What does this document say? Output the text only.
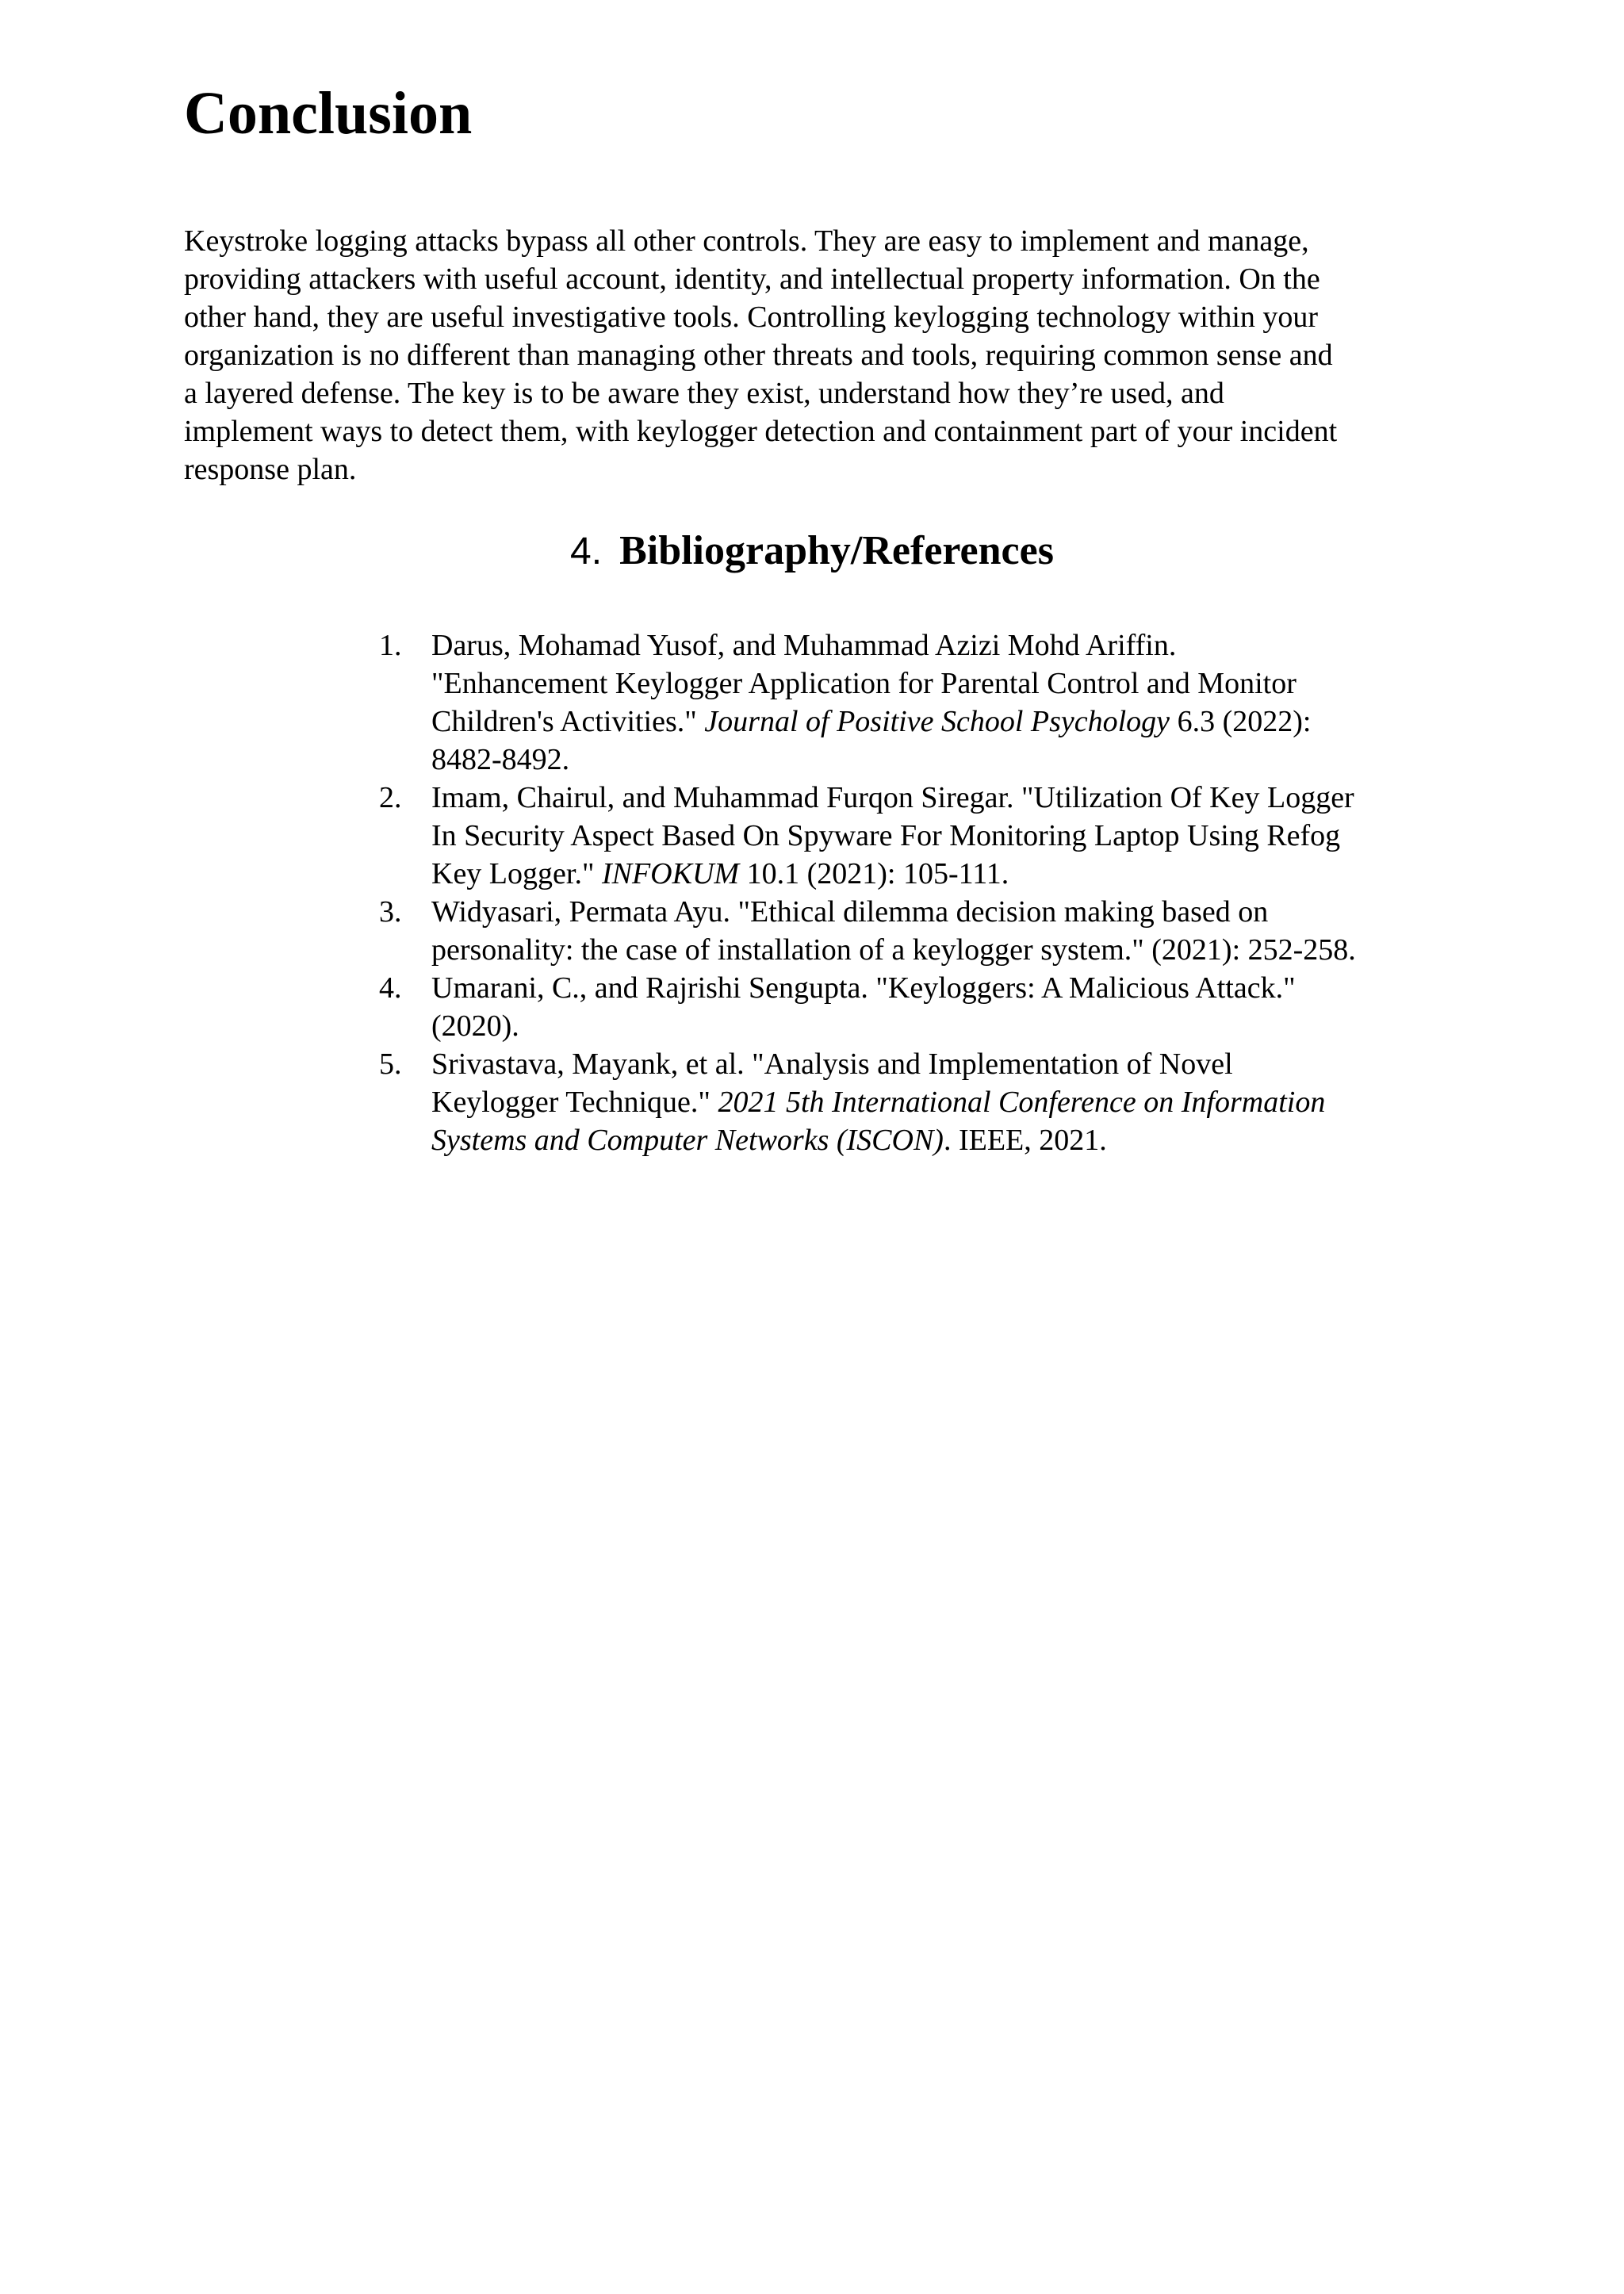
Conclusion

Keystroke logging attacks bypass all other controls. They are easy to implement and manage,
providing attackers with useful account, identity, and intellectual property information. On the
other hand, they are useful investigative tools. Controlling keylogging technology within your
organization is no different than managing other threats and tools, requiring common sense and
a layered defense. The key is to be aware they exist, understand how they’re used, and
implement ways to detect them, with keylogger detection and containment part of your incident
response plan.

4. Bibliography/References
1. Darus, Mohamad Yusof, and Muhammad Azizi Mohd Ariffin.
"Enhancement Keylogger Application for Parental Control and Monitor
Children's Activities." Journal of Positive School Psychology 6.3 (2022):
8482-8492.
2. Imam, Chairul, and Muhammad Furqon Siregar. "Utilization Of Key Logger
In Security Aspect Based On Spyware For Monitoring Laptop Using Refog
Key Logger." INFOKUM 10.1 (2021): 105-111.
3. Widyasari, Permata Ayu. "Ethical dilemma decision making based on
personality: the case of installation of a keylogger system." (2021): 252-258.
4. Umarani, C., and Rajrishi Sengupta. "Keyloggers: A Malicious Attack."
(2020).
5. Srivastava, Mayank, et al. "Analysis and Implementation of Novel
Keylogger Technique." 2021 5th International Conference on Information
Systems and Computer Networks (ISCON). IEEE, 2021.
